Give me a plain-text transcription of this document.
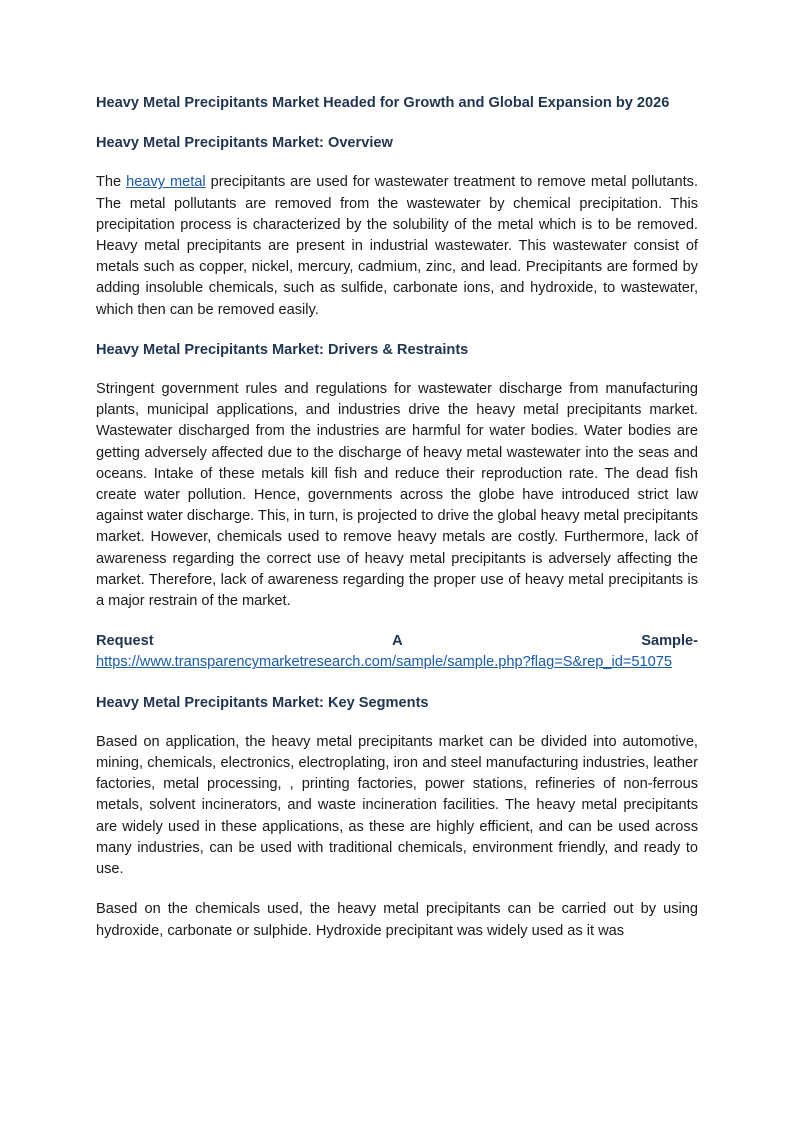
Heavy Metal Precipitants Market Headed for Growth and Global Expansion by 2026
Heavy Metal Precipitants Market: Overview

The heavy metal precipitants are used for wastewater treatment to remove metal pollutants. The metal pollutants are removed from the wastewater by chemical precipitation. This precipitation process is characterized by the solubility of the metal which is to be removed. Heavy metal precipitants are present in industrial wastewater. This wastewater consist of metals such as copper, nickel, mercury, cadmium, zinc, and lead. Precipitants are formed by adding insoluble chemicals, such as sulfide, carbonate ions, and hydroxide, to wastewater, which then can be removed easily.

Heavy Metal Precipitants Market: Drivers & Restraints

Stringent government rules and regulations for wastewater discharge from manufacturing plants, municipal applications, and industries drive the heavy metal precipitants market. Wastewater discharged from the industries are harmful for water bodies. Water bodies are getting adversely affected due to the discharge of heavy metal wastewater into the seas and oceans. Intake of these metals kill fish and reduce their reproduction rate. The dead fish create water pollution. Hence, governments across the globe have introduced strict law against water discharge. This, in turn, is projected to drive the global heavy metal precipitants market. However, chemicals used to remove heavy metals are costly. Furthermore, lack of awareness regarding the correct use of heavy metal precipitants is adversely affecting the market. Therefore, lack of awareness regarding the proper use of heavy metal precipitants is a major restrain of the market.

Request	A	Sample-
https://www.transparencymarketresearch.com/sample/sample.php?flag=S&rep_id=51075
Heavy Metal Precipitants Market: Key Segments

Based on application, the heavy metal precipitants market can be divided into automotive, mining, chemicals, electronics, electroplating, iron and steel manufacturing industries, leather factories, metal processing, , printing factories, power stations, refineries of non-ferrous metals, solvent incinerators, and waste incineration facilities. The heavy metal precipitants are widely used in these applications, as these are highly efficient, and can be used across many industries, can be used with traditional chemicals, environment friendly, and ready to use.

Based on the chemicals used, the heavy metal precipitants can be carried out by using hydroxide, carbonate or sulphide. Hydroxide precipitant was widely used as it was
